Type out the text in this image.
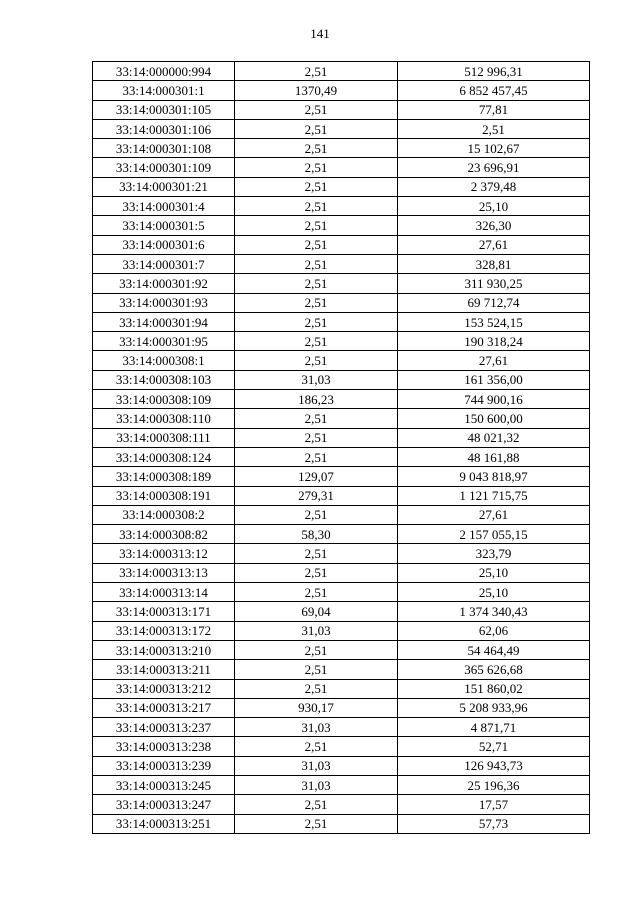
141
33:14:000000:994	2,51	512 996,31
33:14:000301:1	1370,49	6 852 457,45
33:14:000301:105	2,51	77,81
33:14:000301:106	2,51	2,51
33:14:000301:108	2,51	15 102,67
33:14:000301:109	2,51	23 696,91
33:14:000301:21	2,51	2 379,48
33:14:000301:4	2,51	25,10
33:14:000301:5	2,51	326,30
33:14:000301:6	2,51	27,61
33:14:000301:7	2,51	328,81
33:14:000301:92	2,51	311 930,25
33:14:000301:93	2,51	69 712,74
33:14:000301:94	2,51	153 524,15
33:14:000301:95	2,51	190 318,24
33:14:000308:1	2,51	27,61
33:14:000308:103	31,03	161 356,00
33:14:000308:109	186,23	744 900,16
33:14:000308:110	2,51	150 600,00
33:14:000308:111	2,51	48 021,32
33:14:000308:124	2,51	48 161,88
33:14:000308:189	129,07	9 043 818,97
33:14:000308:191	279,31	1 121 715,75
33:14:000308:2	2,51	27,61
33:14:000308:82	58,30	2 157 055,15
33:14:000313:12	2,51	323,79
33:14:000313:13	2,51	25,10
33:14:000313:14	2,51	25,10
33:14:000313:171	69,04	1 374 340,43
33:14:000313:172	31,03	62,06
33:14:000313:210	2,51	54 464,49
33:14:000313:211	2,51	365 626,68
33:14:000313:212	2,51	151 860,02
33:14:000313:217	930,17	5 208 933,96
33:14:000313:237	31,03	4 871,71
33:14:000313:238	2,51	52,71
33:14:000313:239	31,03	126 943,73
33:14:000313:245	31,03	25 196,36
33:14:000313:247	2,51	17,57
33:14:000313:251	2,51	57,73
